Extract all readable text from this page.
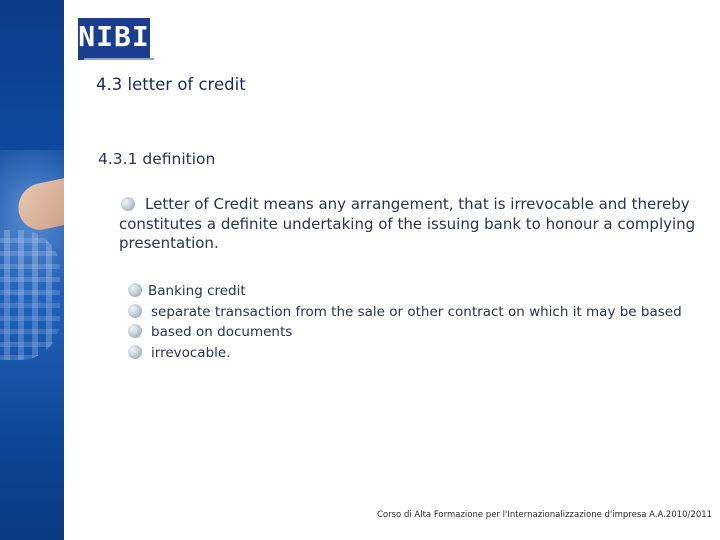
NIBI
4.3 letter of credit
4.3.1 definition
Letter of Credit means any arrangement, that is irrevocable and thereby constitutes a definite undertaking of the issuing bank to honour a complying presentation.
Banking credit
separate transaction from the sale or other contract on which it may be based
based on documents
irrevocable.
Corso di Alta Formazione per l'Internazionalizzazione d'impresa A.A.2010/2011
